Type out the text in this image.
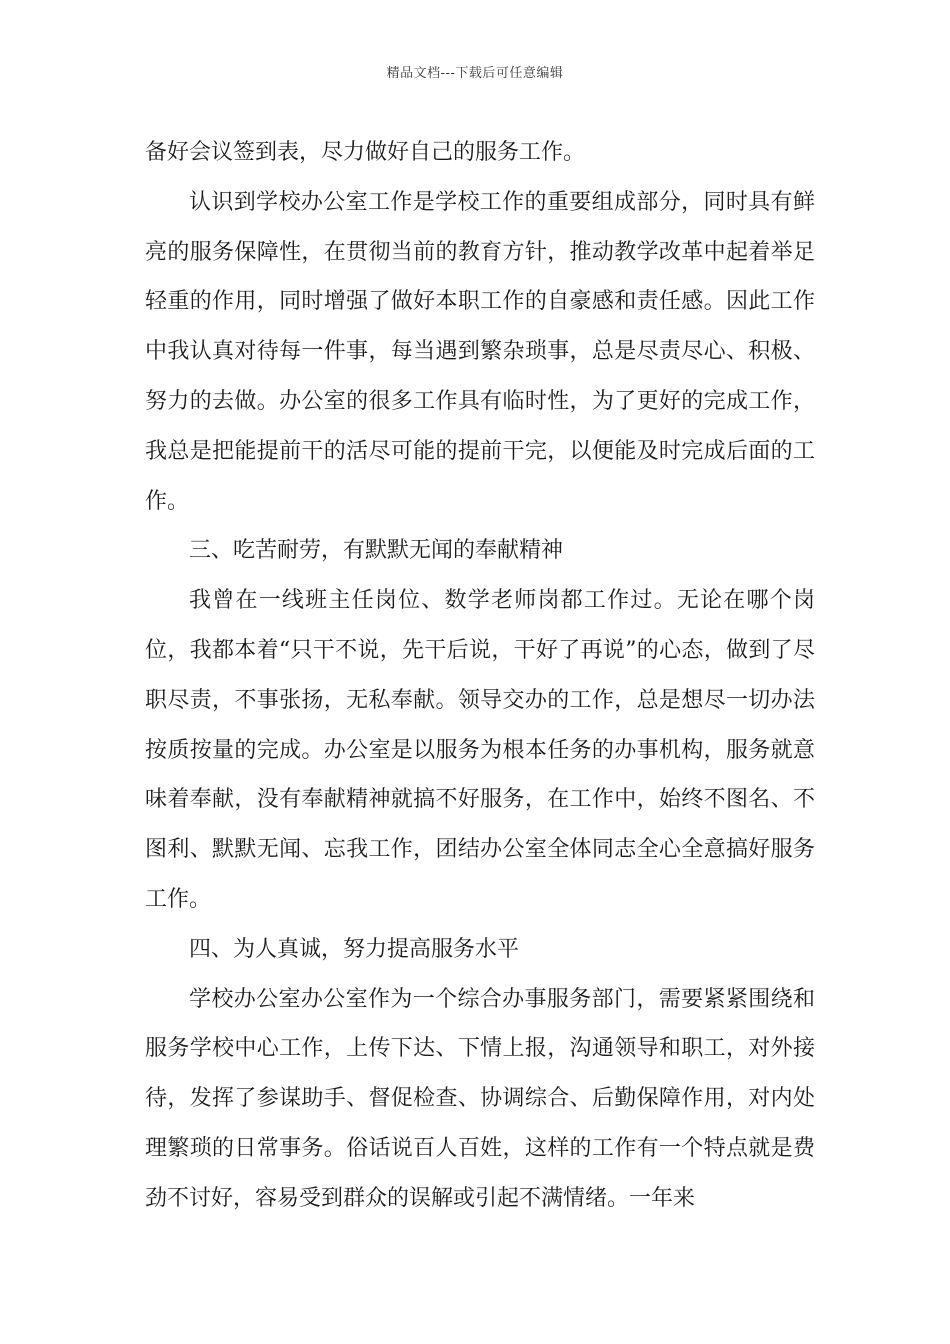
精品文档---下载后可任意编辑

备好会议签到表，尽力做好自己的服务工作。

认识到学校办公室工作是学校工作的重要组成部分，同时具有鲜亮的服务保障性，在贯彻当前的教育方针，推动教学改革中起着举足轻重的作用，同时增强了做好本职工作的自豪感和责任感。因此工作中我认真对待每一件事，每当遇到繁杂琐事，总是尽责尽心、积极、努力的去做。办公室的很多工作具有临时性，为了更好的完成工作，我总是把能提前干的活尽可能的提前干完，以便能及时完成后面的工作。

三、吃苦耐劳，有默默无闻的奉献精神

我曾在一线班主任岗位、数学老师岗都工作过。无论在哪个岗位，我都本着“只干不说，先干后说，干好了再说”的心态，做到了尽职尽责，不事张扬，无私奉献。领导交办的工作，总是想尽一切办法按质按量的完成。办公室是以服务为根本任务的办事机构，服务就意味着奉献，没有奉献精神就搞不好服务，在工作中，始终不图名、不图利、默默无闻、忘我工作，团结办公室全体同志全心全意搞好服务工作。

四、为人真诚，努力提高服务水平

学校办公室办公室作为一个综合办事服务部门，需要紧紧围绕和服务学校中心工作，上传下达、下情上报，沟通领导和职工，对外接待，发挥了参谋助手、督促检查、协调综合、后勤保障作用，对内处理繁琐的日常事务。俗话说百人百姓，这样的工作有一个特点就是费劲不讨好，容易受到群众的误解或引起不满情绪。一年来
